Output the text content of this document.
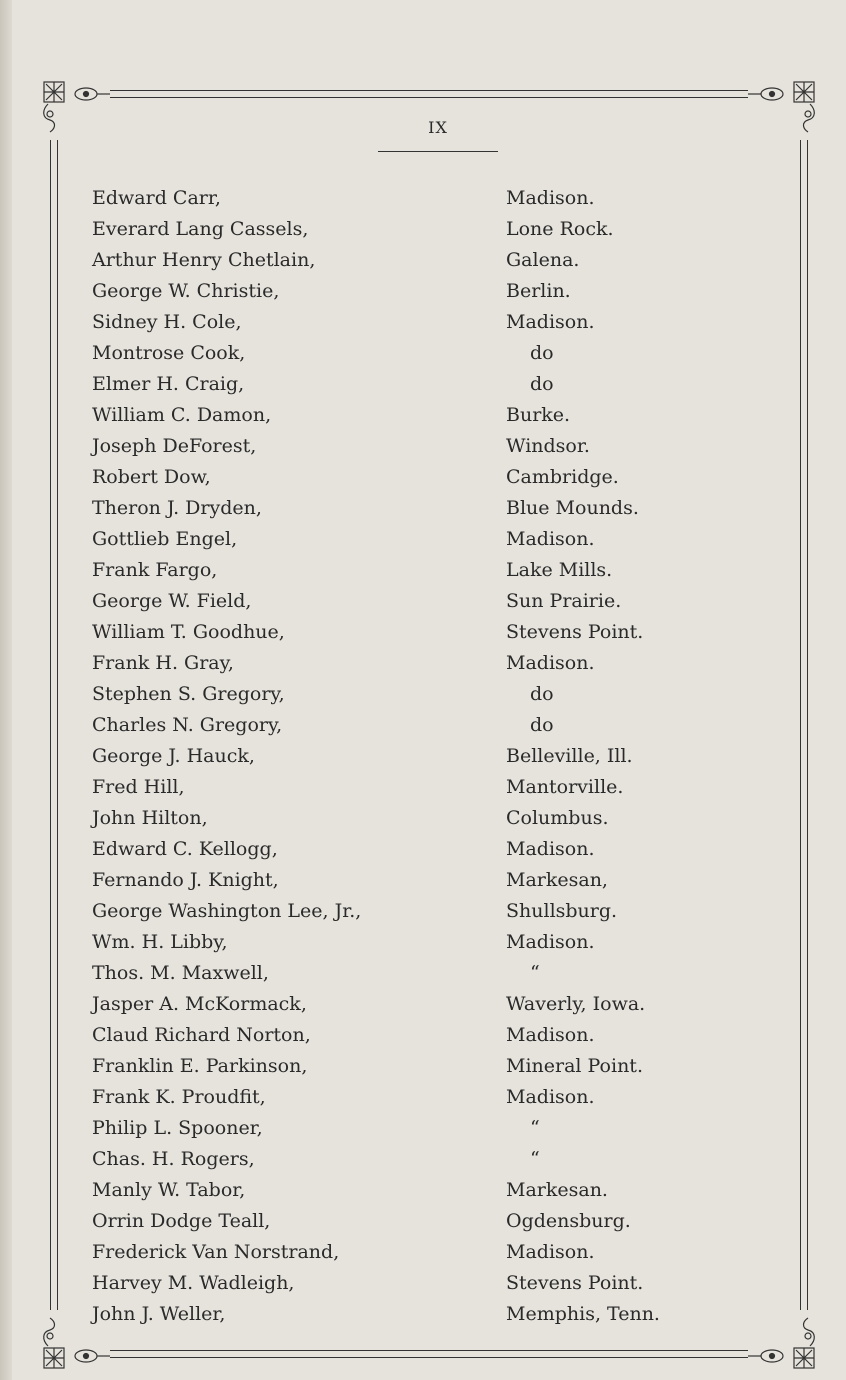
IX
Edward Carr,	Madison.
Everard Lang Cassels,	Lone Rock.
Arthur Henry Chetlain,	Galena.
George W. Christie,	Berlin.
Sidney H. Cole,	Madison.
Montrose Cook,	do
Elmer H. Craig,	do
William C. Damon,	Burke.
Joseph DeForest,	Windsor.
Robert Dow,	Cambridge.
Theron J. Dryden,	Blue Mounds.
Gottlieb Engel,	Madison.
Frank Fargo,	Lake Mills.
George W. Field,	Sun Prairie.
William T. Goodhue,	Stevens Point.
Frank H. Gray,	Madison.
Stephen S. Gregory,	do
Charles N. Gregory,	do
George J. Hauck,	Belleville, Ill.
Fred Hill,	Mantorville.
John Hilton,	Columbus.
Edward C. Kellogg,	Madison.
Fernando J. Knight,	Markesan,
George Washington Lee, Jr.,	Shullsburg.
Wm. H. Libby,	Madison.
Thos. M. Maxwell,	“
Jasper A. McKormack,	Waverly, Iowa.
Claud Richard Norton,	Madison.
Franklin E. Parkinson,	Mineral Point.
Frank K. Proudfit,	Madison.
Philip L. Spooner,	“
Chas. H. Rogers,	“
Manly W. Tabor,	Markesan.
Orrin Dodge Teall,	Ogdensburg.
Frederick Van Norstrand,	Madison.
Harvey M. Wadleigh,	Stevens Point.
John J. Weller,	Memphis, Tenn.
